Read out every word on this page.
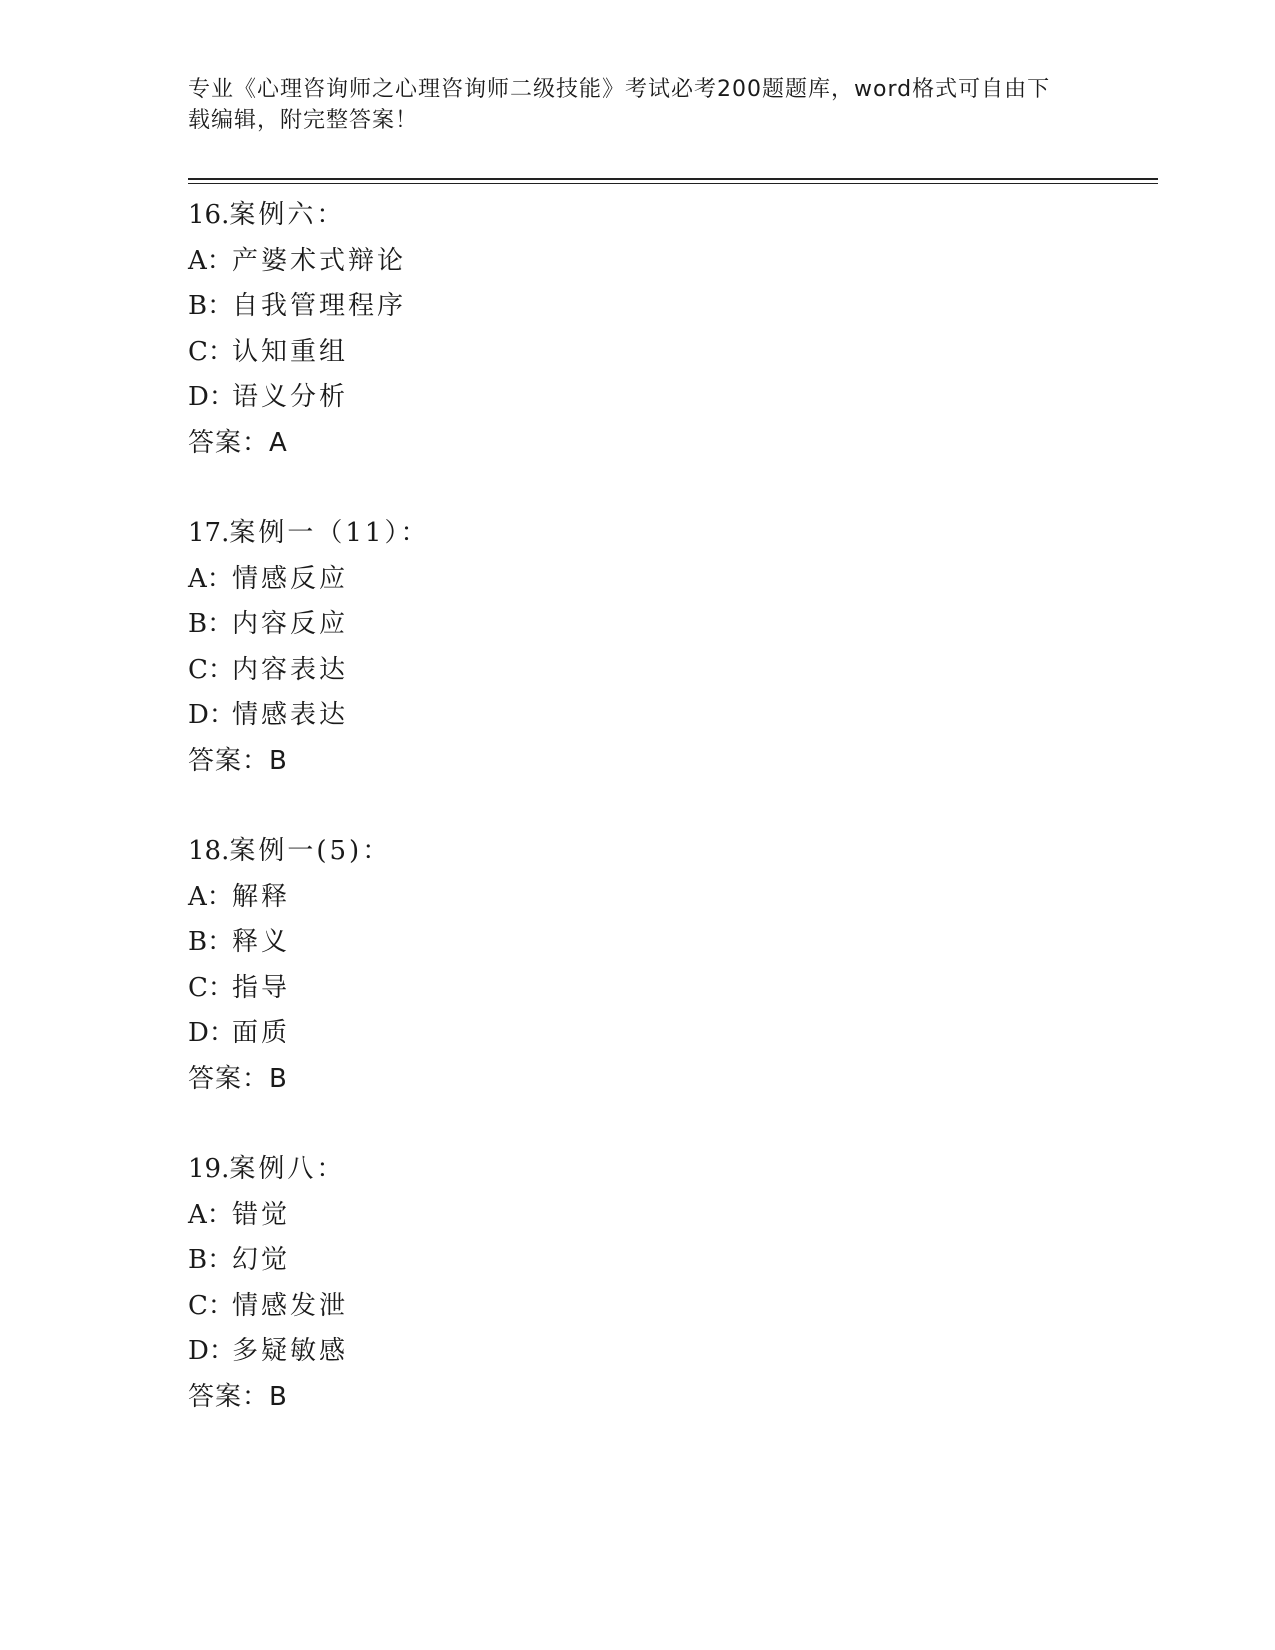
专业《心理咨询师之心理咨询师二级技能》考试必考200题题库，word格式可自由下载编辑，附完整答案！
16.案例六：
A：产婆术式辩论
B：自我管理程序
C：认知重组
D：语义分析
答案：A
17.案例一（11）：
A：情感反应
B：内容反应
C：内容表达
D：情感表达
答案：B
18.案例一(5)：
A：解释
B：释义
C：指导
D：面质
答案：B
19.案例八：
A：错觉
B：幻觉
C：情感发泄
D：多疑敏感
答案：B
